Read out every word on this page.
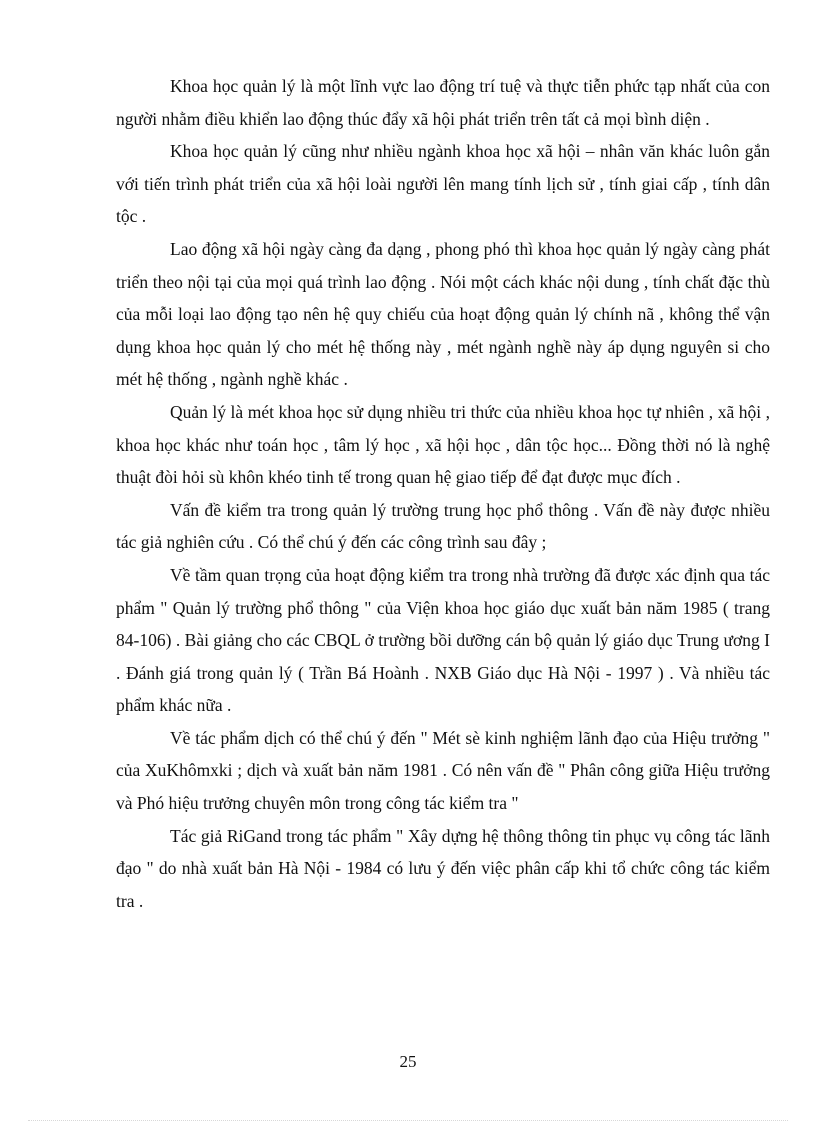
Khoa học quản lý là một lĩnh vực lao động trí tuệ và thực tiễn phức tạp nhất của con người nhằm điều khiển lao động thúc đẩy xã hội phát triển trên tất cả mọi bình diện .

Khoa học quản lý cũng như nhiều ngành khoa học xã hội – nhân văn khác luôn gắn với tiến trình phát triển của xã hội loài người lên mang tính lịch sử , tính giai cấp , tính dân tộc .

Lao động xã hội ngày càng đa dạng , phong phó thì khoa học quản lý ngày càng phát triển theo nội tại của mọi quá trình lao động . Nói một cách khác nội dung , tính chất đặc thù của mỗi loại lao động tạo nên hệ quy chiếu của hoạt động quản lý chính nã , không thể vận dụng khoa học quản lý cho mét hệ thống này , mét ngành nghề này áp dụng nguyên si cho mét hệ thống , ngành nghề khác .

Quản lý là mét khoa học sử dụng nhiều tri thức của nhiều khoa học tự nhiên , xã hội , khoa học khác như toán học , tâm lý học , xã hội học , dân tộc học... Đồng thời nó là nghệ thuật đòi hỏi sù khôn khéo tinh tế trong quan hệ giao tiếp để đạt được mục đích .

Vấn đề kiểm tra trong quản lý trường trung học phổ thông . Vấn đề này được nhiều tác giả nghiên cứu . Có thể chú ý đến các công trình sau đây ;

Về tầm quan trọng của hoạt động kiểm tra trong nhà trường đã được xác định qua tác phẩm " Quản lý trường phổ thông " của Viện khoa học giáo dục xuất bản năm 1985 ( trang 84-106) . Bài giảng cho các CBQL ở trường bồi dưỡng cán bộ quản lý giáo dục Trung ương I . Đánh giá trong quản lý ( Trần Bá Hoành . NXB Giáo dục Hà Nội - 1997 ) . Và nhiều tác phẩm khác nữa .

Về tác phẩm dịch có thể chú ý đến " Mét sè kinh nghiệm lãnh đạo của Hiệu trưởng " của XuKhômxki ; dịch và xuất bản năm 1981 . Có nên vấn đề " Phân công giữa Hiệu trưởng và Phó hiệu trưởng chuyên môn trong công tác kiểm tra "

Tác giả RiGand trong tác phẩm " Xây dựng hệ thông thông tin phục vụ công tác lãnh đạo " do nhà xuất bản Hà Nội - 1984 có lưu ý đến việc phân cấp khi tổ chức công tác kiểm tra .

25
